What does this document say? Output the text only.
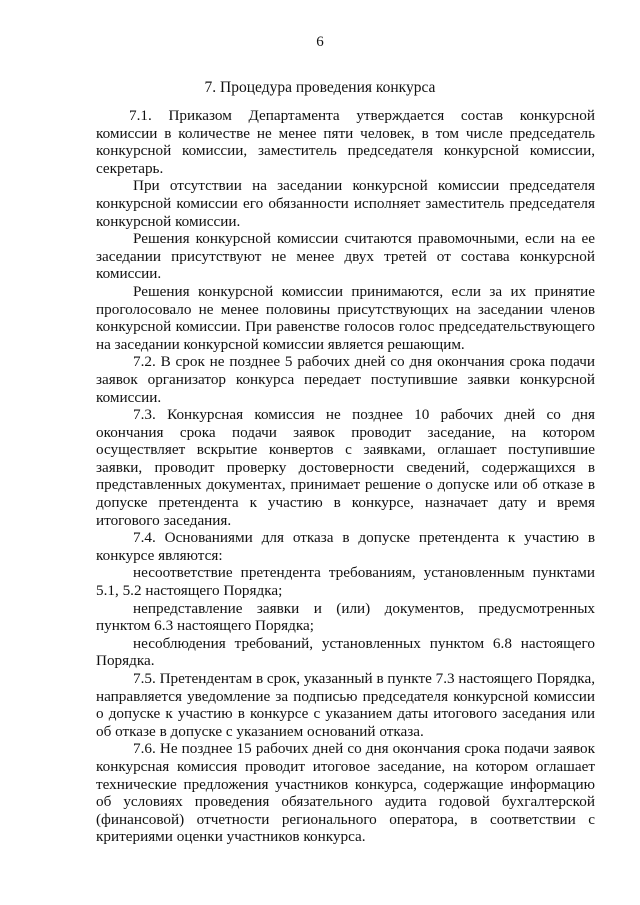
6
7. Процедура проведения конкурса

7.1. Приказом Департамента утверждается состав конкурсной комиссии в количестве не менее пяти человек, в том числе председатель конкурсной комиссии, заместитель председателя конкурсной комиссии, секретарь.

При отсутствии на заседании конкурсной комиссии председателя конкурсной комиссии его обязанности исполняет заместитель председателя конкурсной комиссии.

Решения конкурсной комиссии считаются правомочными, если на ее заседании присутствуют не менее двух третей от состава конкурсной комиссии.

Решения конкурсной комиссии принимаются, если за их принятие проголосовало не менее половины присутствующих на заседании членов конкурсной комиссии. При равенстве голосов голос председательствующего на заседании конкурсной комиссии является решающим.

7.2. В срок не позднее 5 рабочих дней со дня окончания срока подачи заявок организатор конкурса передает поступившие заявки конкурсной комиссии.

7.3. Конкурсная комиссия не позднее 10 рабочих дней со дня окончания срока подачи заявок проводит заседание, на котором осуществляет вскрытие конвертов с заявками, оглашает поступившие заявки, проводит проверку достоверности сведений, содержащихся в представленных документах, принимает решение о допуске или об отказе в допуске претендента к участию в конкурсе, назначает дату и время итогового заседания.

7.4. Основаниями для отказа в допуске претендента к участию в конкурсе являются:

несоответствие претендента требованиям, установленным пунктами 5.1, 5.2 настоящего Порядка;

непредставление заявки и (или) документов, предусмотренных пунктом 6.3 настоящего Порядка;

несоблюдения требований, установленных пунктом 6.8 настоящего Порядка.

7.5. Претендентам в срок, указанный в пункте 7.3 настоящего Порядка, направляется уведомление за подписью председателя конкурсной комиссии о допуске к участию в конкурсе с указанием даты итогового заседания или об отказе в допуске с указанием оснований отказа.

7.6. Не позднее 15 рабочих дней со дня окончания срока подачи заявок конкурсная комиссия проводит итоговое заседание, на котором оглашает технические предложения участников конкурса, содержащие информацию об условиях проведения обязательного аудита годовой бухгалтерской (финансовой) отчетности регионального оператора, в соответствии с критериями оценки участников конкурса.
